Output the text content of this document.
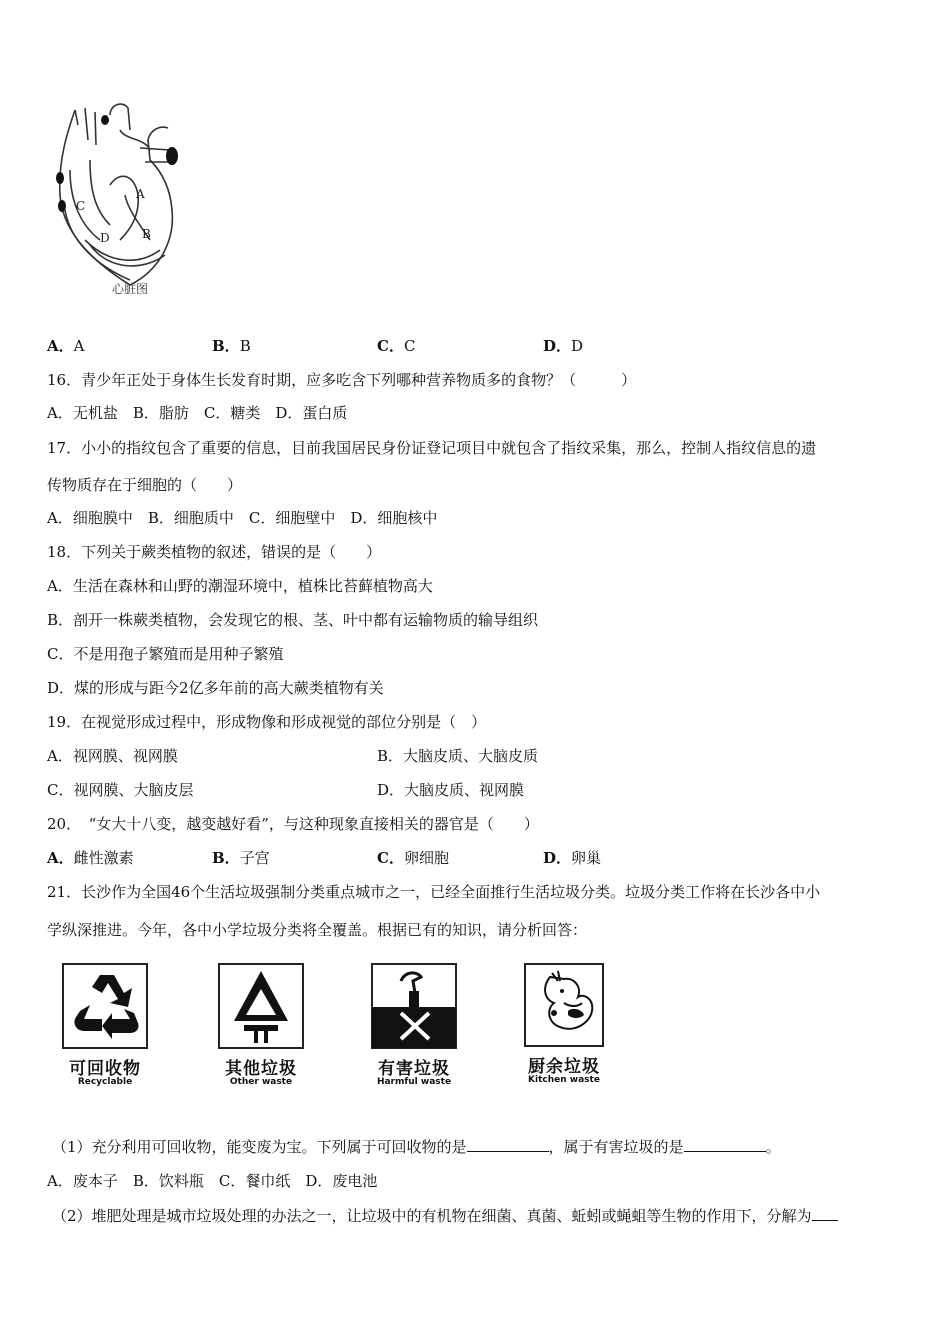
A
B
C
D
心脏图
A．A	B．B	C．C	D．D
16．青少年正处于身体生长发育时期，应多吃含下列哪种营养物质多的食物？（　　　）
A．无机盐　B．脂肪　C．糖类　D．蛋白质
17．小小的指纹包含了重要的信息，目前我国居民身份证登记项目中就包含了指纹采集，那么，控制人指纹信息的遗
传物质存在于细胞的（　　）
A．细胞膜中　B．细胞质中　C．细胞壁中　D．细胞核中
18．下列关于蕨类植物的叙述，错误的是（　　）
A．生活在森林和山野的潮湿环境中，植株比苔藓植物高大
B．剖开一株蕨类植物，会发现它的根、茎、叶中都有运输物质的输导组织
C．不是用孢子繁殖而是用种子繁殖
D．煤的形成与距今2亿多年前的高大蕨类植物有关
19．在视觉形成过程中，形成物像和形成视觉的部位分别是（　）
A．视网膜、视网膜	B．大脑皮质、大脑皮质
C．视网膜、大脑皮层	D．大脑皮质、视网膜
20．　“女大十八变，越变越好看”，与这种现象直接相关的器官是（　　）
A．雌性激素	B．子宫	C．卵细胞	D．卵巢
21．长沙作为全国46个生活垃圾强制分类重点城市之一，已经全面推行生活垃圾分类。垃圾分类工作将在长沙各中小
学纵深推进。今年，各中小学垃圾分类将全覆盖。根据已有的知识，请分析回答：
可回收物
Recyclable
其他垃圾
Other waste
有害垃圾
Harmful waste
厨余垃圾
Kitchen waste
（1）充分利用可回收物，能变废为宝。下列属于可回收物的是	，属于有害垃圾的是	。
A．废本子　B．饮料瓶　C．餐巾纸　D．废电池
（2）堆肥处理是城市垃圾处理的办法之一，让垃圾中的有机物在细菌、真菌、蚯蚓或蝇蛆等生物的作用下，分解为
